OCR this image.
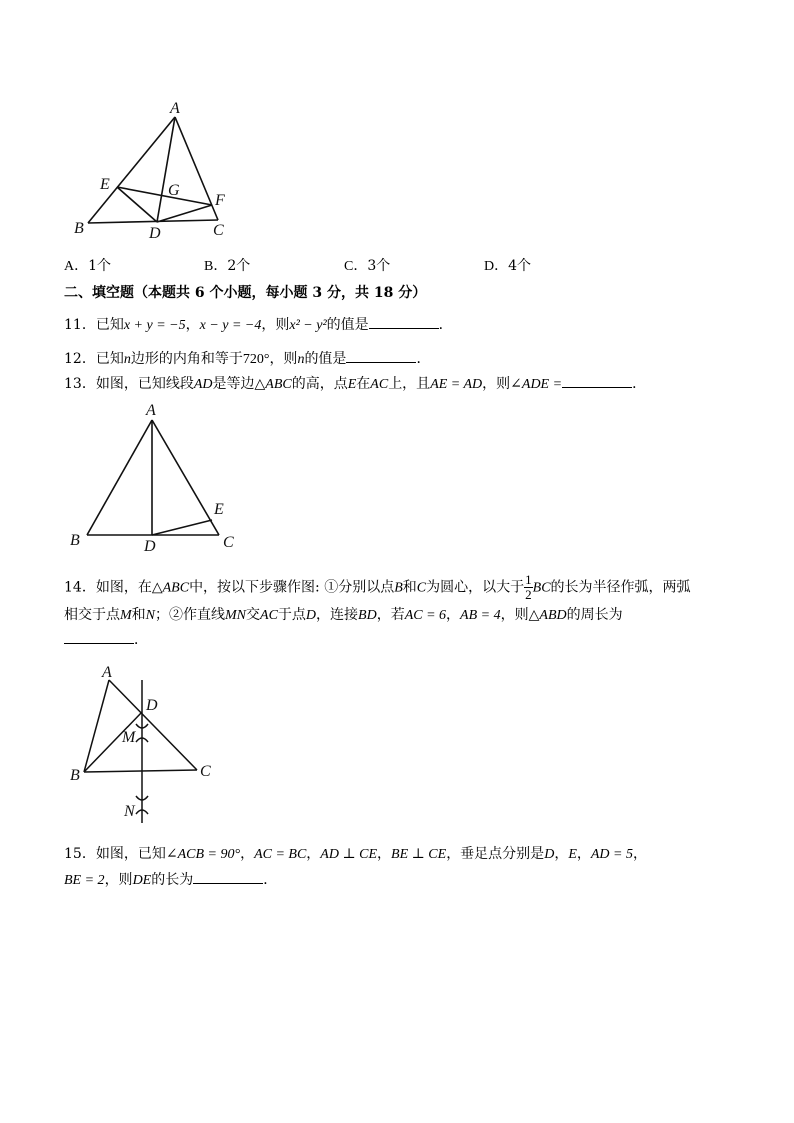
A
E	G
F
B	D	C
A．1个	B．2个	C．3个	D．4个
二、填空题（本题共 6 个小题，每小题 3 分，共 18 分）
11．已知x + y = −5，x − y = −4，则x² − y²的值是	．
12．已知n边形的内角和等于720°，则n的值是	．
13．如图，已知线段AD是等边△ABC的高，点E在AC上，且AE = AD，则∠ADE =	．
A
E
B	D	C
14．如图，在△ABC中，按以下步骤作图: ①分别以点B和C为圆心，以大于 $\frac{1}{2}$ BC的长为半径作弧，两弧
相交于点M和N；②作直线MN交AC于点D，连接BD，若AC = 6，AB = 4，则△ABD的周长为
．
A
D
M
B	C
N
15．如图，已知∠ACB = 90°，AC = BC，AD ⊥ CE，BE ⊥ CE，垂足点分别是D，E，AD = 5，
BE = 2，则DE的长为	．
